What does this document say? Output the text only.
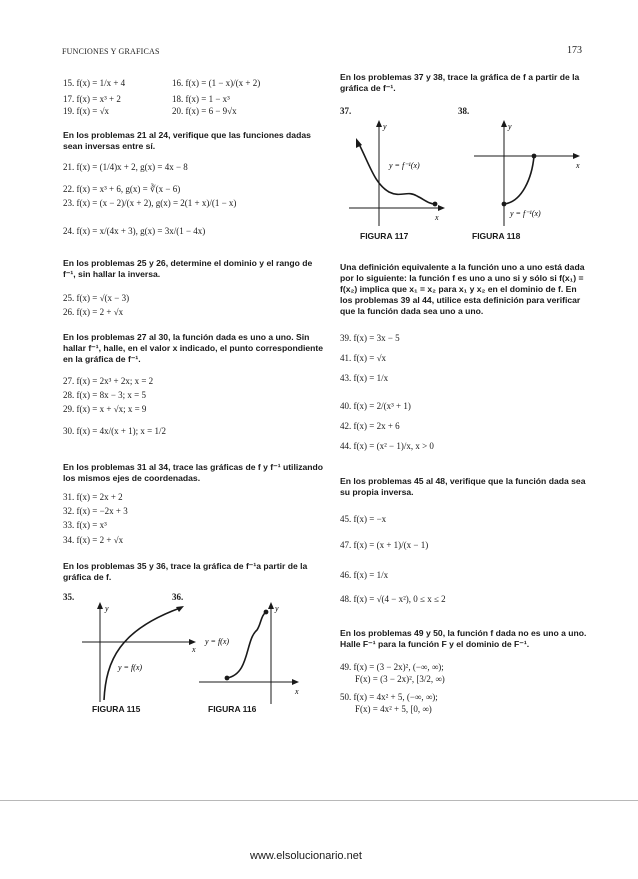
FUNCIONES Y GRAFICAS	173
15. f(x) = 1/x + 4
17. f(x) = x³ + 2
19. f(x) = √x
16. f(x) = (1 − x)/(x + 2)
18. f(x) = 1 − x³
20. f(x) = 6 − 9√x
En los problemas 21 al 24, verifique que las funciones dadas sean inversas entre sí.
21. f(x) = (1/4)x + 2, g(x) = 4x − 8
22. f(x) = x³ + 6, g(x) = ∛(x − 6)
23. f(x) = (x − 2)/(x + 2), g(x) = 2(1 + x)/(1 − x)
24. f(x) = x/(4x + 3), g(x) = 3x/(1 − 4x)
En los problemas 25 y 26, determine el dominio y el rango de f⁻¹, sin hallar la inversa.
25. f(x) = √(x − 3)
26. f(x) = 2 + √x
En los problemas 27 al 30, la función dada es uno a uno. Sin hallar f⁻¹, halle, en el valor x indicado, el punto correspondiente en la gráfica de f⁻¹.
27. f(x) = 2x³ + 2x; x = 2
28. f(x) = 8x − 3; x = 5
29. f(x) = x + √x; x = 9
30. f(x) = 4x/(x + 1); x = 1/2
En los problemas 31 al 34, trace las gráficas de f y f⁻¹ utilizando los mismos ejes de coordenadas.
31. f(x) = 2x + 2
32. f(x) = −2x + 3
33. f(x) = x³
34. f(x) = 2 + √x
En los problemas 35 y 36, trace la gráfica de f⁻¹a partir de la gráfica de f.
35.
y
x
y = f(x)
FIGURA 115
36.
y
x
y = f(x)
FIGURA 116
En los problemas 37 y 38, trace la gráfica de f a partir de la gráfica de f⁻¹.
37.	38.
y
x
y = f⁻¹(x)
FIGURA 117
y
x
y = f⁻¹(x)
FIGURA 118
Una definición equivalente a la función uno a uno está dada por lo siguiente: la función f es uno a uno si y sólo si f(x₁) = f(x₂) implica que x₁ = x₂ para x₁ y x₂ en el dominio de f. En los problemas 39 al 44, utilice esta definición para verificar que la función dada sea uno a uno.
39. f(x) = 3x − 5
41. f(x) = √x
43. f(x) = 1/x
40. f(x) = 2/(x³ + 1)
42. f(x) = 2x + 6
44. f(x) = (x² − 1)/x, x > 0
En los problemas 45 al 48, verifique que la función dada sea su propia inversa.
45. f(x) = −x
47. f(x) = (x + 1)/(x − 1)
46. f(x) = 1/x
48. f(x) = √(4 − x²), 0 ≤ x ≤ 2
En los problemas 49 y 50, la función f dada no es uno a uno. Halle F⁻¹ para la función F y el dominio de F⁻¹.
49. f(x) = (3 − 2x)², (−∞, ∞);
F(x) = (3 − 2x)², [3/2, ∞)
50. f(x) = 4x² + 5, (−∞, ∞);
F(x) = 4x² + 5, [0, ∞)
www.elsolucionario.net
